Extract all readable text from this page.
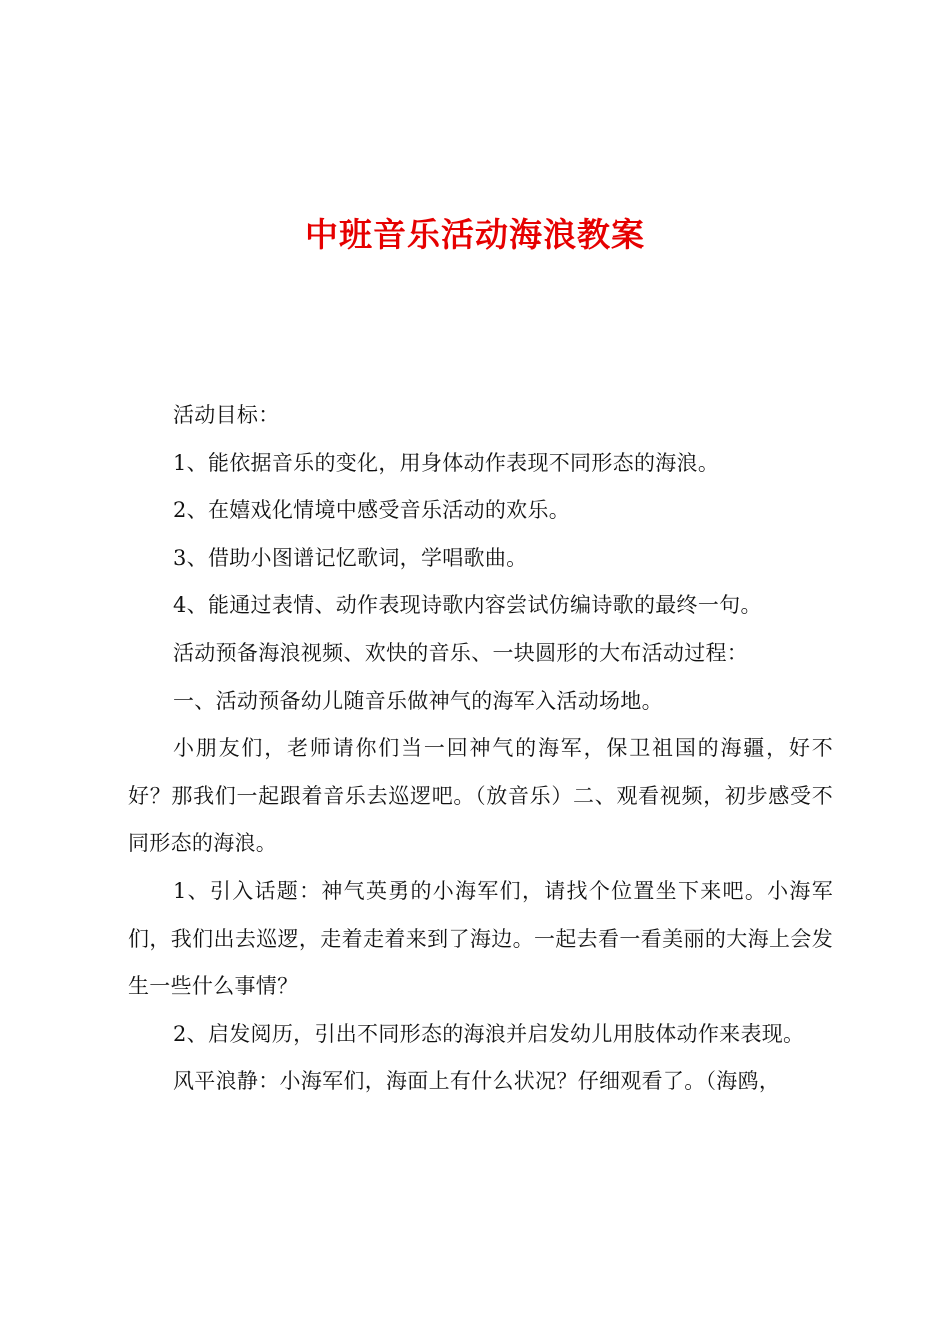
中班音乐活动海浪教案

活动目标：

1、能依据音乐的变化，用身体动作表现不同形态的海浪。

2、在嬉戏化情境中感受音乐活动的欢乐。

3、借助小图谱记忆歌词，学唱歌曲。

4、能通过表情、动作表现诗歌内容尝试仿编诗歌的最终一句。

活动预备海浪视频、欢快的音乐、一块圆形的大布活动过程：

一、活动预备幼儿随音乐做神气的海军入活动场地。

小朋友们，老师请你们当一回神气的海军，保卫祖国的海疆，好不好？那我们一起跟着音乐去巡逻吧。（放音乐）二、观看视频，初步感受不同形态的海浪。

1、引入话题：神气英勇的小海军们，请找个位置坐下来吧。小海军们，我们出去巡逻，走着走着来到了海边。一起去看一看美丽的大海上会发生一些什么事情？

2、启发阅历，引出不同形态的海浪并启发幼儿用肢体动作来表现。

风平浪静：小海军们，海面上有什么状况？仔细观看了。（海鸥，
